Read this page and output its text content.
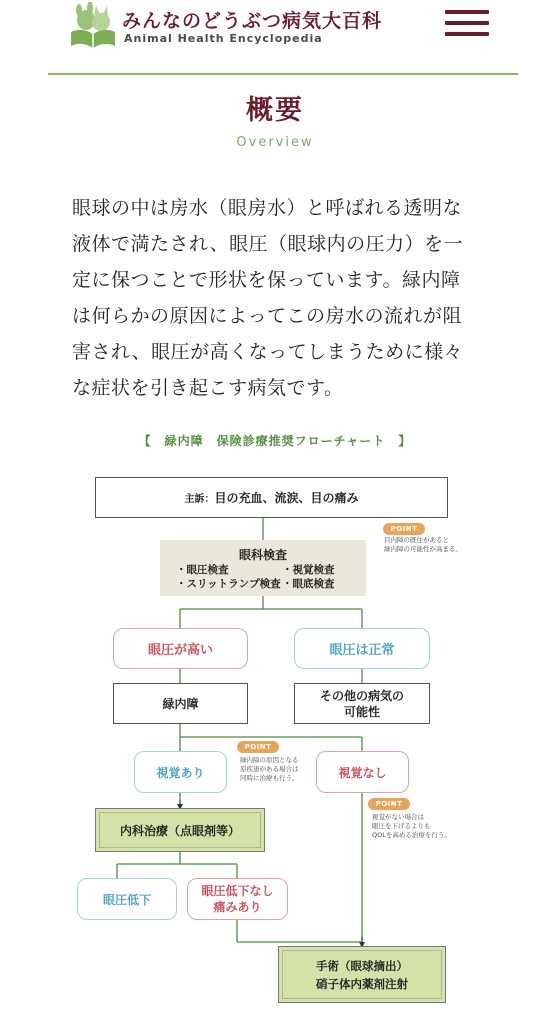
みんなのどうぶつ病気大百科
Animal Health Encyclopedia
概要
Overview
眼球の中は房水（眼房水）と呼ばれる透明な
液体で満たされ、眼圧（眼球内の圧力）を一
定に保つことで形状を保っています。緑内障
は何らかの原因によってこの房水の流れが阻
害され、眼圧が高くなってしまうために様々
な症状を引き起こす病気です。
【　緑内障　保険診療推奨フローチャート　】
主訴： 目の充血、流涙、目の痛み
POINT
目内障の既往があると
緑内障の可能性が高まる。
眼科検査
・眼圧検査	・視覚検査
・スリットランプ検査 ・眼底検査
眼圧が高い	眼圧は正常
緑内障
その他の病気の
可能性
視覚あり	視覚なし
POINT
緑内障の原因となる
原疾患がある場合は
同時に治療も行う。
POINT
視覚がない場合は
眼圧を下げるよりも
QOLを高める治療を行う。
内科治療（点眼剤等）
眼圧低下
眼圧低下なし
痛みあり
手術（眼球摘出）
硝子体内薬剤注射
